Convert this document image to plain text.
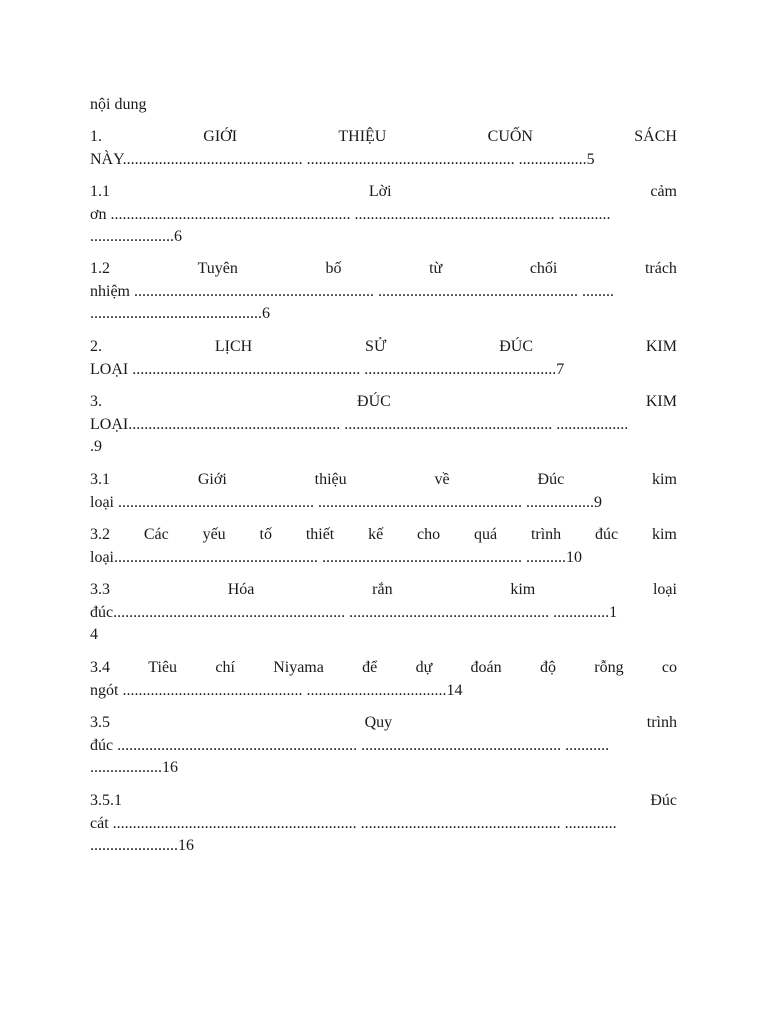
nội dung
1.	GIỚI	THIỆU	CUỐN	SÁCH
NÀY............................................. .................................................... .................5
1.1	Lời	cảm
ơn ............................................................ .................................................. .............
.....................6
1.2	Tuyên	bố	từ	chối	trách
nhiệm ............................................................ .................................................. ........
...........................................6
2.	LỊCH	SỬ	ĐÚC	KIM
LOẠI ......................................................... ................................................7
3.	ĐÚC	KIM
LOẠI..................................................... .................................................... ..................
.9
3.1	Giới	thiệu	về	Đúc	kim
loại ................................................. ................................................... .................9
3.2 Các yếu tố thiết kế cho quá trình đúc kim
loại................................................... .................................................. ..........10
3.3	Hóa	rắn	kim	loại
đúc.......................................................... .................................................. ..............1
4
3.4 Tiêu chí Niyama để dự đoán độ rỗng co
ngót ............................................. ...................................14
3.5	Quy	trình
đúc ............................................................ .................................................. ...........
..................16
3.5.1	Đúc
cát ............................................................. .................................................. .............
......................16
